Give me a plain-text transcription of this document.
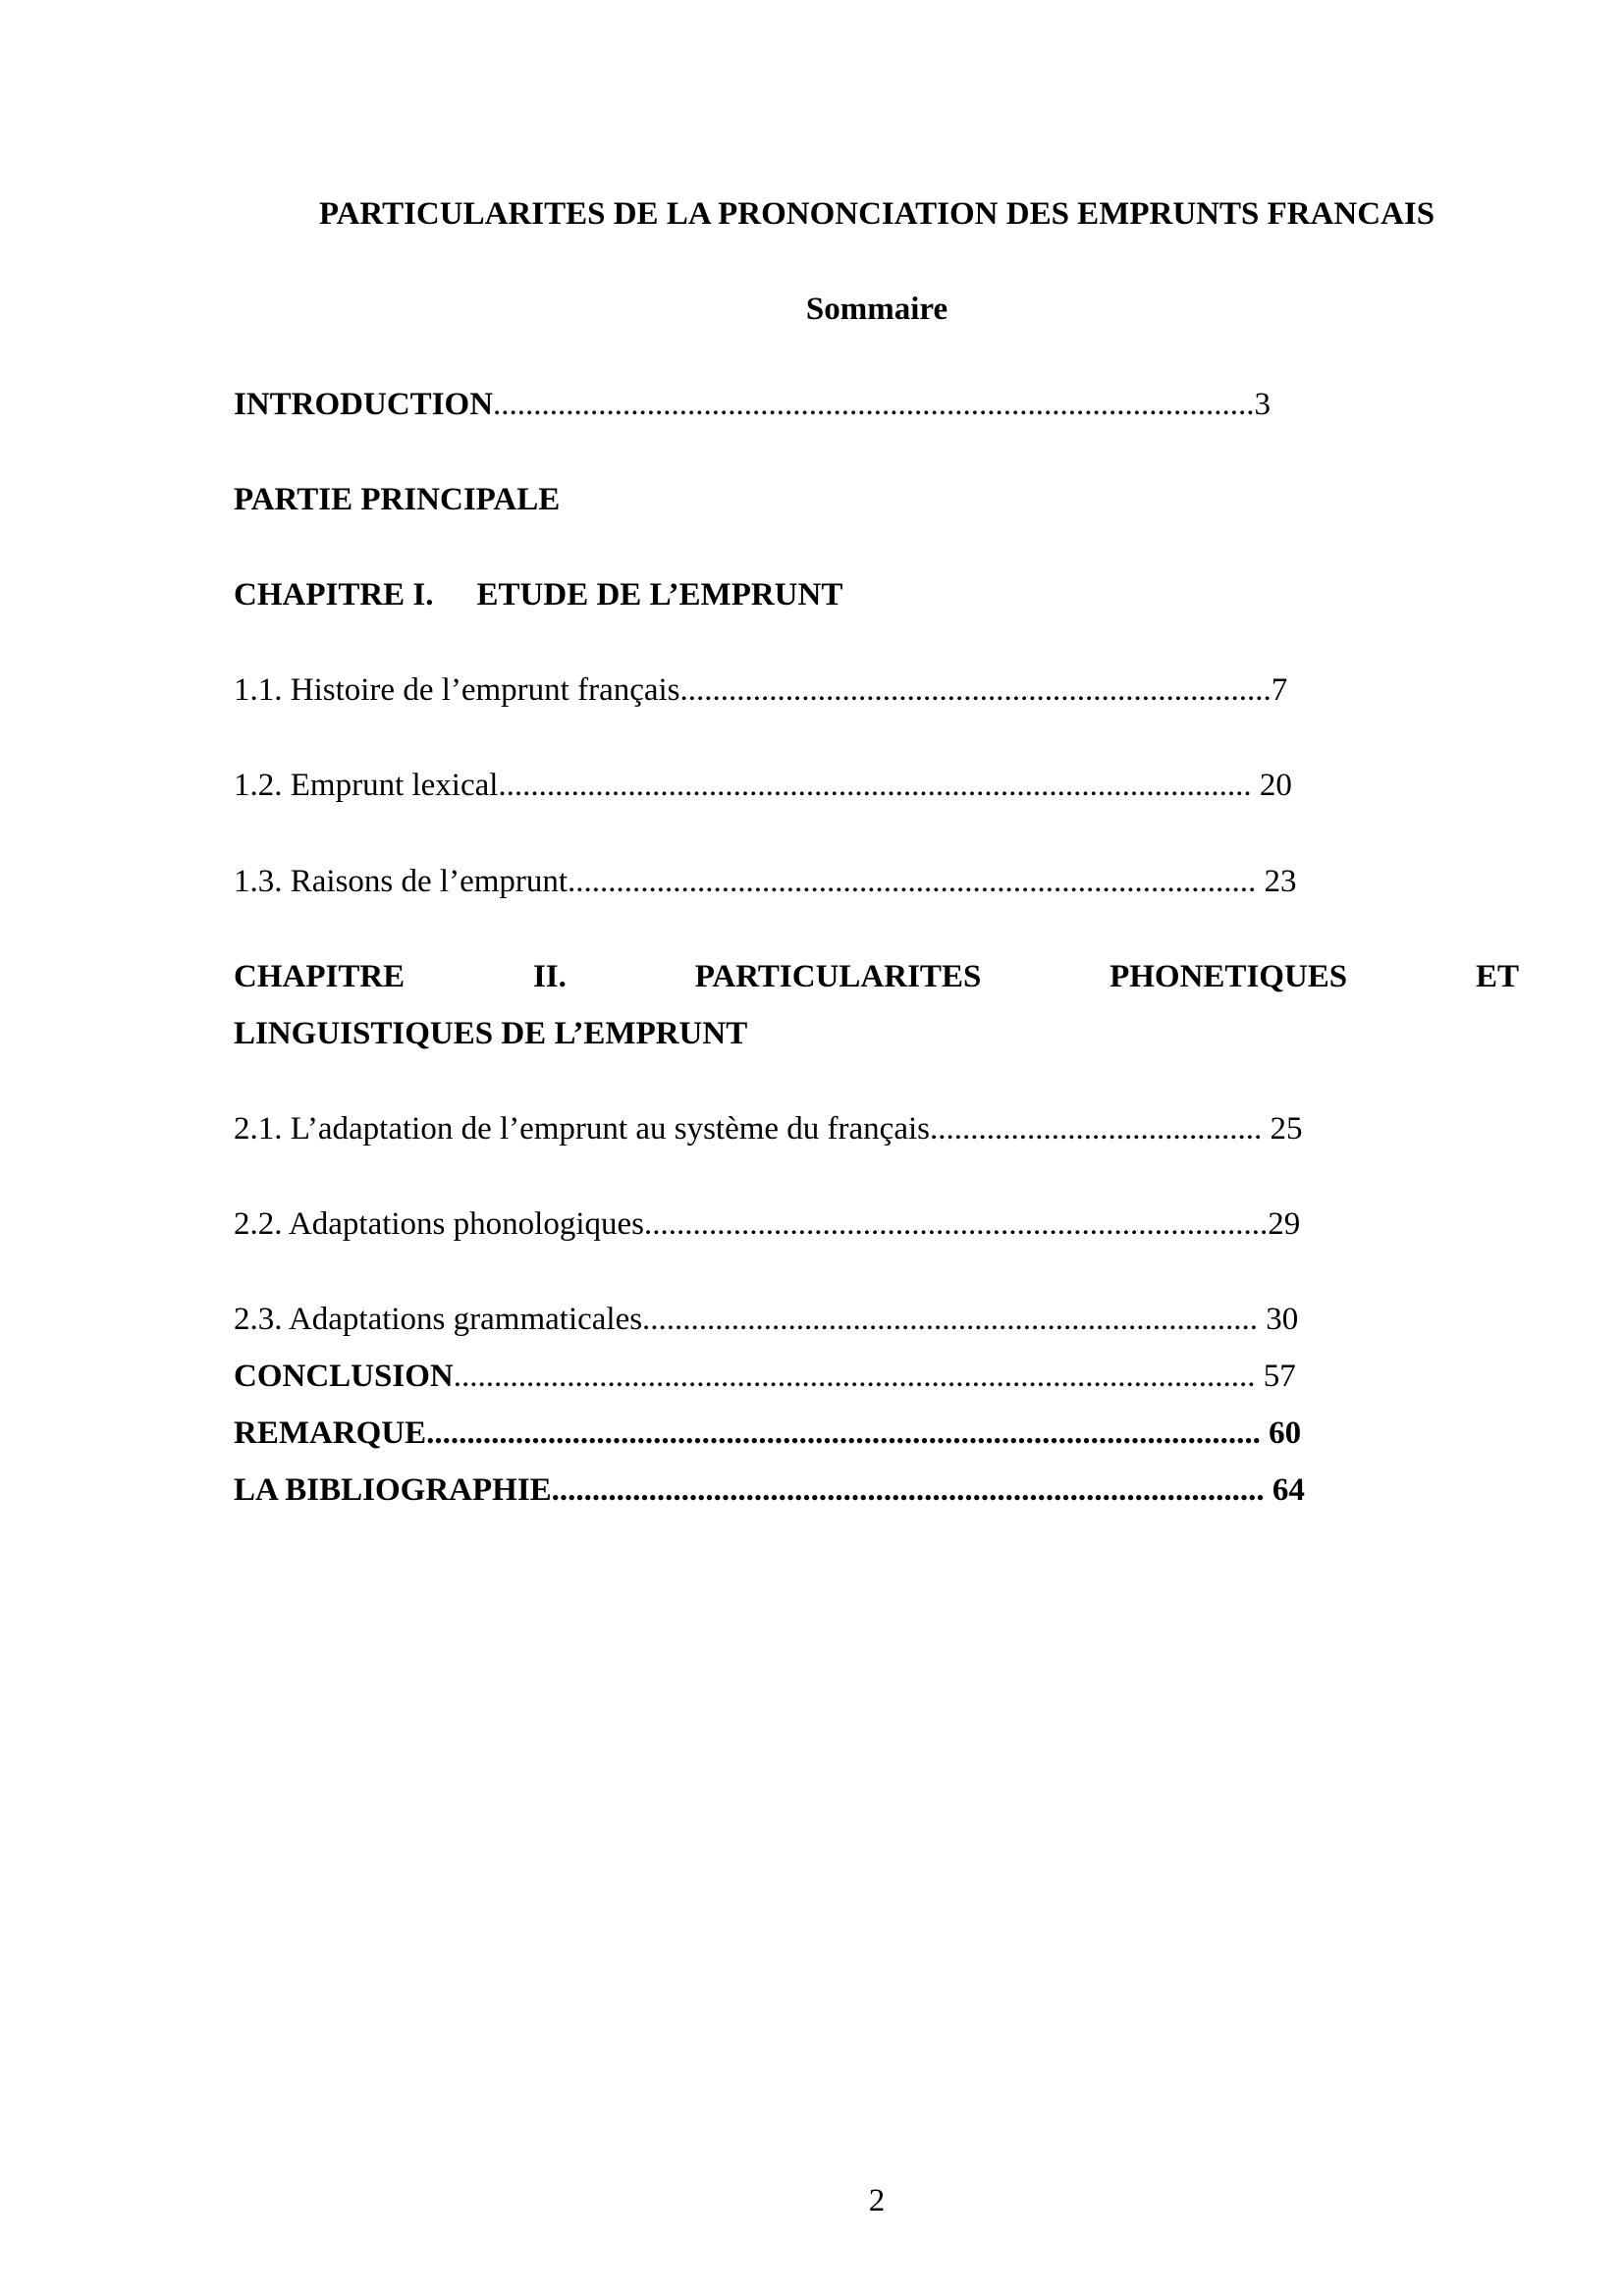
PARTICULARITES DE LA PRONONCIATION DES EMPRUNTS FRANCAIS
Sommaire
INTRODUCTION..............................................................................................3
PARTIE PRINCIPALE
CHAPITRE I. ETUDE DE L’EMPRUNT
1.1. Histoire de l’emprunt français.........................................................................7
1.2. Emprunt lexical............................................................................................. 20
1.3. Raisons de l’emprunt..................................................................................... 23
CHAPITRE	II.	PARTICULARITES	PHONETIQUES	ET
LINGUISTIQUES DE L’EMPRUNT
2.1. L’adaptation de l’emprunt au système du français......................................... 25
2.2. Adaptations phonologiques.............................................................................29
2.3. Adaptations grammaticales............................................................................ 30
CONCLUSION................................................................................................... 57
REMARQUE....................................................................................................... 60
LA BIBLIOGRAPHIE........................................................................................ 64
2
